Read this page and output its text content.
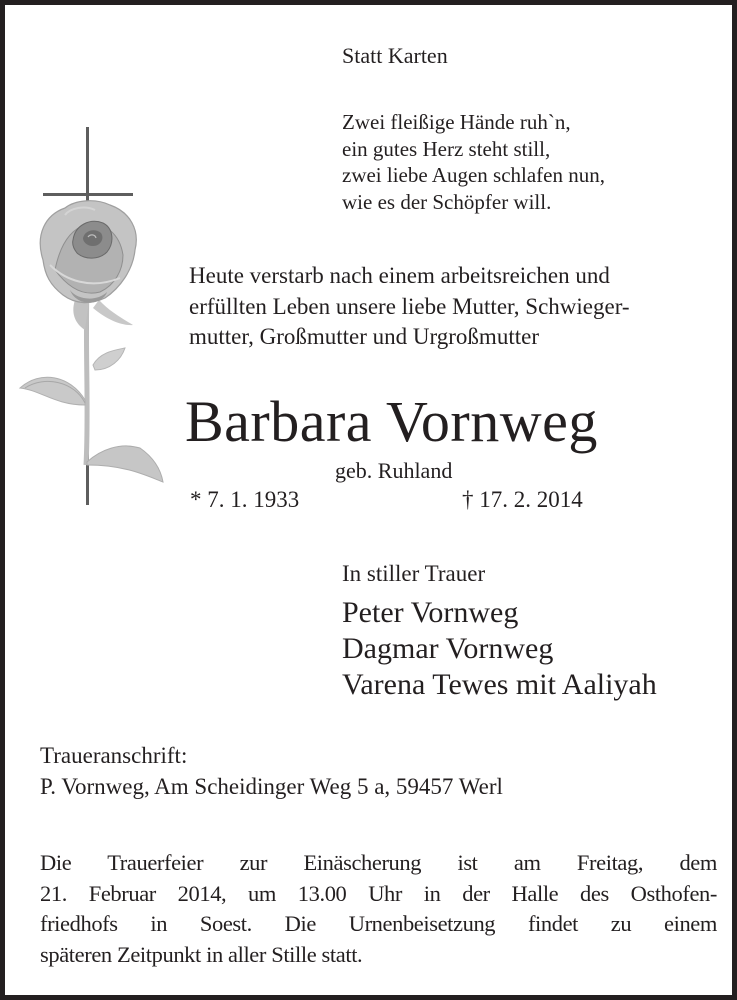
Statt Karten
Zwei fleißige Hände ruh`n,
ein gutes Herz steht still,
zwei liebe Augen schlafen nun,
wie es der Schöpfer will.
Heute verstarb nach einem arbeitsreichen und
erfüllten Leben unsere liebe Mutter, Schwieger-
mutter, Großmutter und Urgroßmutter
Barbara Vornweg
geb. Ruhland
* 7. 1. 1933	† 17. 2. 2014
In stiller Trauer
Peter Vornweg
Dagmar Vornweg
Varena Tewes mit Aaliyah
Traueranschrift:
P. Vornweg, Am Scheidinger Weg 5 a, 59457 Werl
Die Trauerfeier zur Einäscherung ist am Freitag, dem
21. Februar 2014, um 13.00 Uhr in der Halle des Osthofen-
friedhofs in Soest. Die Urnenbeisetzung findet zu einem
späteren Zeitpunkt in aller Stille statt.
